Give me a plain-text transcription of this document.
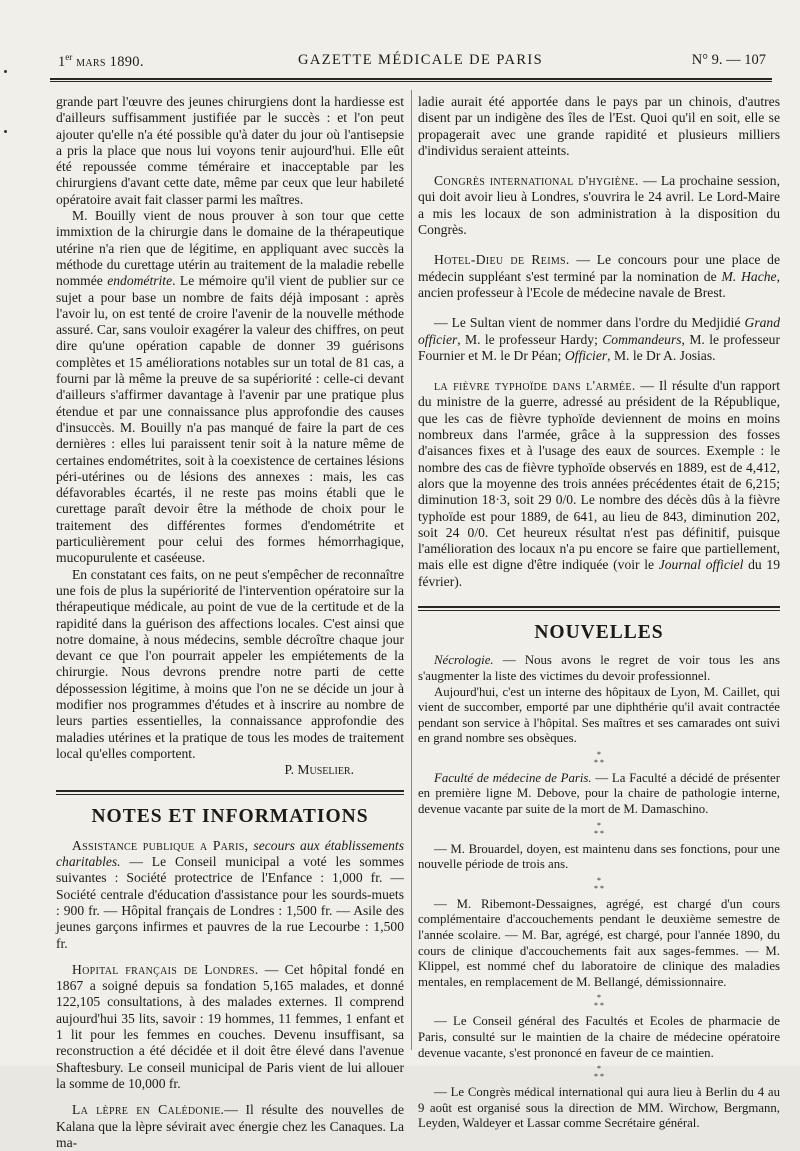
1er mars 1890.	GAZETTE MÉDICALE DE PARIS	N° 9. — 107

grande part l'œuvre des jeunes chirurgiens dont la hardiesse est d'ailleurs suffisamment justifiée par le succès : et l'on peut ajouter qu'elle n'a été possible qu'à dater du jour où l'antisepsie a pris la place que nous lui voyons tenir aujourd'hui. Elle eût été repoussée comme téméraire et inacceptable par les chirurgiens d'avant cette date, même par ceux que leur habileté opératoire avait fait classer parmi les maîtres.

M. Bouilly vient de nous prouver à son tour que cette immixtion de la chirurgie dans le domaine de la thérapeutique utérine n'a rien que de légitime, en appliquant avec succès la méthode du curettage utérin au traitement de la maladie rebelle nommée endométrite. Le mémoire qu'il vient de publier sur ce sujet a pour base un nombre de faits déjà imposant : après l'avoir lu, on est tenté de croire l'avenir de la nouvelle méthode assuré. Car, sans vouloir exagérer la valeur des chiffres, on peut dire qu'une opération capable de donner 39 guérisons complètes et 15 améliorations notables sur un total de 81 cas, a fourni par là même la preuve de sa supériorité : celle-ci devant d'ailleurs s'affirmer davantage à l'avenir par une pratique plus étendue et par une connaissance plus approfondie des causes d'insuccès. M. Bouilly n'a pas manqué de faire la part de ces dernières : elles lui paraissent tenir soit à la nature même de certaines endométrites, soit à la coexistence de certaines lésions péri-utérines ou de lésions des annexes : mais, les cas défavorables écartés, il ne reste pas moins établi que le curettage paraît devoir être la méthode de choix pour le traitement des différentes formes d'endométrite et particulièrement pour celui des formes hémorrhagique, mucopurulente et caséeuse.

En constatant ces faits, on ne peut s'empêcher de reconnaître une fois de plus la supériorité de l'intervention opératoire sur la thérapeutique médicale, au point de vue de la certitude et de la rapidité dans la guérison des affections locales. C'est ainsi que notre domaine, à nous médecins, semble décroître chaque jour devant ce que l'on pourrait appeler les empiétements de la chirurgie. Nous devrons prendre notre parti de cette dépossession légitime, à moins que l'on ne se décide un jour à modifier nos programmes d'études et à inscrire au nombre de leurs parties essentielles, la connaissance approfondie des maladies utérines et la pratique de tous les modes de traitement local qu'elles comportent.

P. Muselier.

NOTES ET INFORMATIONS

Assistance publique a Paris, secours aux établissements charitables. — Le Conseil municipal a voté les sommes suivantes : Société protectrice de l'Enfance : 1,000 fr. — Société centrale d'éducation d'assistance pour les sourds-muets : 900 fr. — Hôpital français de Londres : 1,500 fr. — Asile des jeunes garçons infirmes et pauvres de la rue Lecourbe : 1,500 fr.

Hopital français de Londres. — Cet hôpital fondé en 1867 a soigné depuis sa fondation 5,165 malades, et donné 122,105 consultations, à des malades externes. Il comprend aujourd'hui 35 lits, savoir : 19 hommes, 11 femmes, 1 enfant et 1 lit pour les femmes en couches. Devenu insuffisant, sa reconstruction a été décidée et il doit être élevé dans l'avenue Shaftesbury. Le conseil municipal de Paris vient de lui allouer la somme de 10,000 fr.

La lèpre en Calédonie.— Il résulte des nouvelles de Kalana que la lèpre sévirait avec énergie chez les Canaques. La ma-

ladie aurait été apportée dans le pays par un chinois, d'autres disent par un indigène des îles de l'Est. Quoi qu'il en soit, elle se propagerait avec une grande rapidité et plusieurs milliers d'individus seraient atteints.

Congrès international d'hygiène. — La prochaine session, qui doit avoir lieu à Londres, s'ouvrira le 24 avril. Le Lord-Maire a mis les locaux de son administration à la disposition du Congrès.

Hotel-Dieu de Reims. — Le concours pour une place de médecin suppléant s'est terminé par la nomination de M. Hache, ancien professeur à l'Ecole de médecine navale de Brest.

— Le Sultan vient de nommer dans l'ordre du Medjidié Grand officier, M. le professeur Hardy; Commandeurs, M. le professeur Fournier et M. le Dr Péan; Officier, M. le Dr A. Josias.

la fièvre typhoïde dans l'armée. — Il résulte d'un rapport du ministre de la guerre, adressé au président de la République, que les cas de fièvre typhoïde deviennent de moins en moins nombreux dans l'armée, grâce à la suppression des fosses d'aisances fixes et à l'usage des eaux de sources. Exemple : le nombre des cas de fièvre typhoïde observés en 1889, est de 4,412, alors que la moyenne des trois années précédentes était de 6,215; diminution 18·3, soit 29 0/0. Le nombre des décès dûs à la fièvre typhoïde est pour 1889, de 641, au lieu de 843, diminution 202, soit 24 0/0. Cet heureux résultat n'est pas définitif, puisque l'amélioration des locaux n'a pu encore se faire que partiellement, mais elle est digne d'être indiquée (voir le Journal officiel du 19 février).

NOUVELLES

Nécrologie. — Nous avons le regret de voir tous les ans s'augmenter la liste des victimes du devoir professionnel.

Aujourd'hui, c'est un interne des hôpitaux de Lyon, M. Caillet, qui vient de succomber, emporté par une diphthérie qu'il avait contractée pendant son service à l'hôpital. Ses maîtres et ses camarades ont suivi en grand nombre ses obsèques.

*
* *

Faculté de médecine de Paris. — La Faculté a décidé de présenter en première ligne M. Debove, pour la chaire de pathologie interne, devenue vacante par suite de la mort de M. Damaschino.

*
* *

— M. Brouardel, doyen, est maintenu dans ses fonctions, pour une nouvelle période de trois ans.

*
* *

— M. Ribemont-Dessaignes, agrégé, est chargé d'un cours complémentaire d'accouchements pendant le deuxième semestre de l'année scolaire. — M. Bar, agrégé, est chargé, pour l'année 1890, du cours de clinique d'accouchements fait aux sages-femmes. — M. Klippel, est nommé chef du laboratoire de clinique des maladies mentales, en remplacement de M. Bellangé, démissionnaire.

*
* *

— Le Conseil général des Facultés et Ecoles de pharmacie de Paris, consulté sur le maintien de la chaire de médecine opératoire devenue vacante, s'est prononcé en faveur de ce maintien.

*
* *

— Le Congrès médical international qui aura lieu à Berlin du 4 au 9 août est organisé sous la direction de MM. Wirchow, Bergmann, Leyden, Waldeyer et Lassar comme Secrétaire général.
